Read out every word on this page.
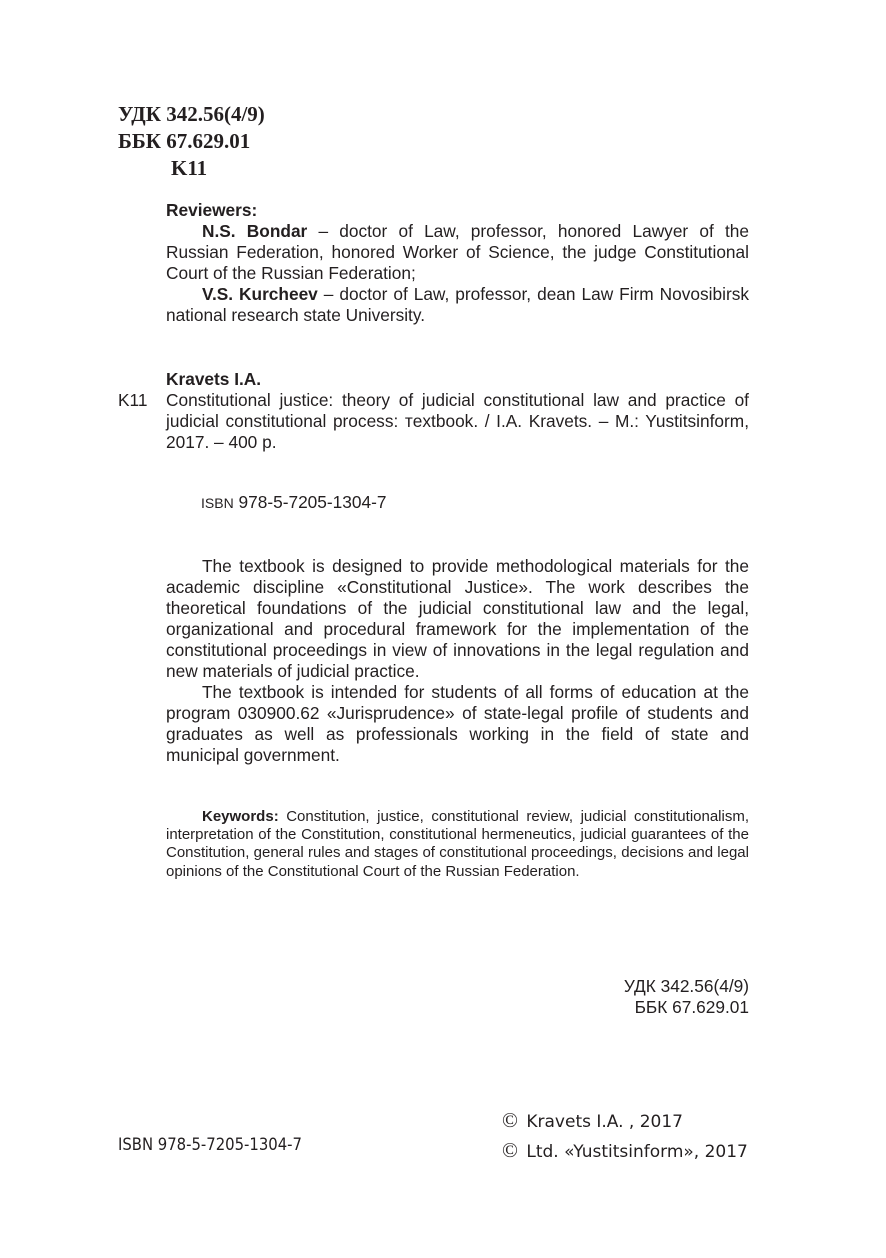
УДК 342.56(4/9)
ББК 67.629.01
K11
Reviewers:

N.S. Bondar – doctor of Law, professor, honored Lawyer of the Russian Federation, honored Worker of Science, the judge Constitutional Court of the Russian Federation;

V.S. Kurcheev – doctor of Law, professor, dean Law Firm Novosibirsk national research state University.

Kravets I.A.
K11 Constitutional justice: theory of judicial constitutional law and practice of judicial constitutional process: тextbook. / I.A. Kravets. – M.: Yustitsinform, 2017. – 400 p.
ISBN 978-5-7205-1304-7

The textbook is designed to provide methodological materials for the academic discipline «Constitutional Justice». The work describes the theoretical foundations of the judicial constitutional law and the legal, organizational and procedural framework for the implementation of the constitutional proceedings in view of innovations in the legal regulation and new materials of judicial practice.

The textbook is intended for students of all forms of education at the program 030900.62 «Jurisprudence» of state-legal profile of students and graduates as well as professionals working in the field of state and municipal government.

Keywords: Constitution, justice, constitutional review, judicial constitutionalism, interpretation of the Constitution, constitutional hermeneutics, judicial guarantees of the Constitution, general rules and stages of constitutional proceedings, decisions and legal opinions of the Constitutional Court of the Russian Federation.

УДК 342.56(4/9)
ББК 67.629.01
© Kravets I.A. , 2017
© Ltd. «Yustitsinform», 2017
ISBN 978-5-7205-1304-7
